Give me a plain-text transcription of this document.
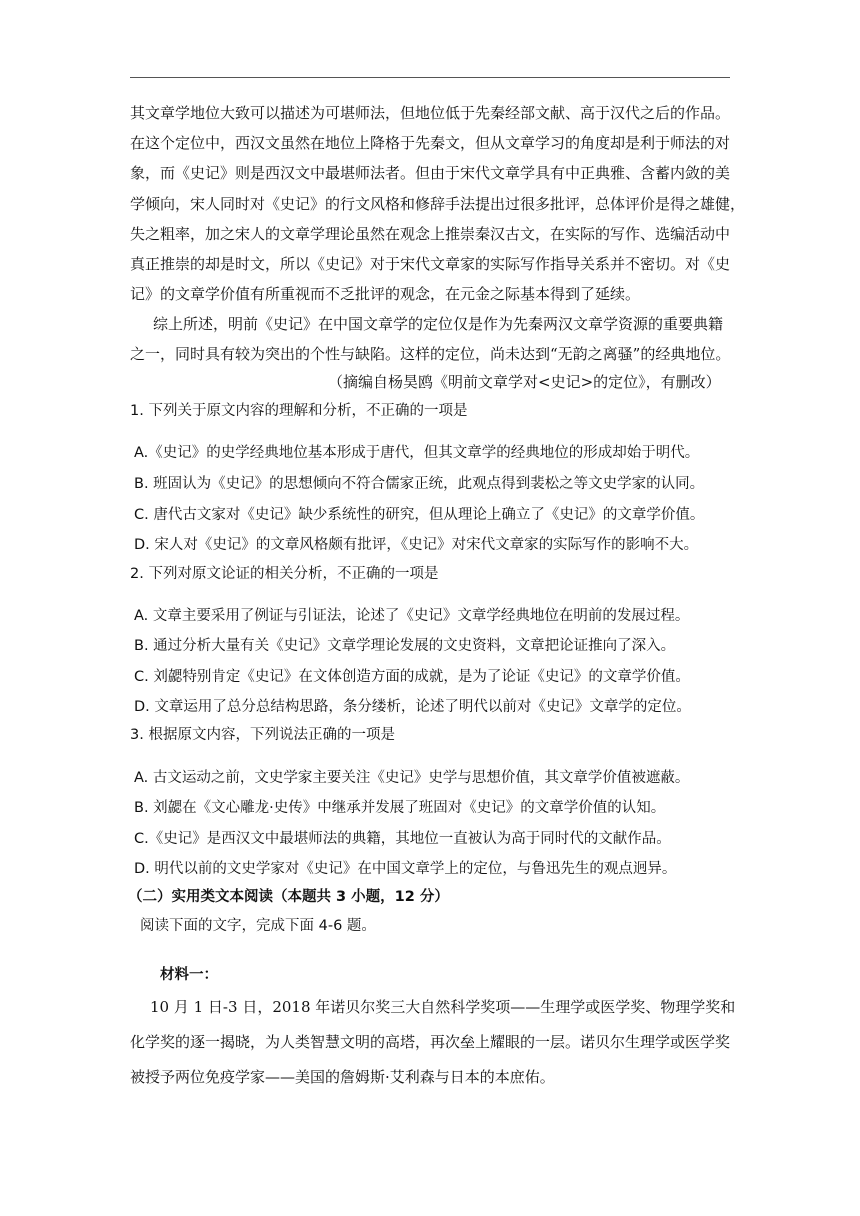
其文章学地位大致可以描述为可堪师法，但地位低于先秦经部文献、高于汉代之后的作品。
在这个定位中，西汉文虽然在地位上降格于先秦文，但从文章学习的角度却是利于师法的对
象，而《史记》则是西汉文中最堪师法者。但由于宋代文章学具有中正典雅、含蓄内敛的美
学倾向，宋人同时对《史记》的行文风格和修辞手法提出过很多批评，总体评价是得之雄健，
失之粗率，加之宋人的文章学理论虽然在观念上推崇秦汉古文，在实际的写作、选编活动中
真正推崇的却是时文，所以《史记》对于宋代文章家的实际写作指导关系并不密切。对《史
记》的文章学价值有所重视而不乏批评的观念，在元金之际基本得到了延续。
综上所述，明前《史记》在中国文章学的定位仅是作为先秦两汉文章学资源的重要典籍
之一，同时具有较为突出的个性与缺陷。这样的定位，尚未达到“无韵之离骚”的经典地位。
（摘编自杨昊鸥《明前文章学对<史记>的定位》，有删改）
1. 下列关于原文内容的理解和分析，不正确的一项是
A.《史记》的史学经典地位基本形成于唐代，但其文章学的经典地位的形成却始于明代。
B. 班固认为《史记》的思想倾向不符合儒家正统，此观点得到裴松之等文史学家的认同。
C. 唐代古文家对《史记》缺少系统性的研究，但从理论上确立了《史记》的文章学价值。
D. 宋人对《史记》的文章风格颇有批评，《史记》对宋代文章家的实际写作的影响不大。
2. 下列对原文论证的相关分析，不正确的一项是
A. 文章主要采用了例证与引证法，论述了《史记》文章学经典地位在明前的发展过程。
B. 通过分析大量有关《史记》文章学理论发展的文史资料，文章把论证推向了深入。
C. 刘勰特别肯定《史记》在文体创造方面的成就，是为了论证《史记》的文章学价值。
D. 文章运用了总分总结构思路，条分缕析，论述了明代以前对《史记》文章学的定位。
3. 根据原文内容，下列说法正确的一项是
A. 古文运动之前，文史学家主要关注《史记》史学与思想价值，其文章学价值被遮蔽。
B. 刘勰在《文心雕龙·史传》中继承并发展了班固对《史记》的文章学价值的认知。
C.《史记》是西汉文中最堪师法的典籍，其地位一直被认为高于同时代的文献作品。
D. 明代以前的文史学家对《史记》在中国文章学上的定位，与鲁迅先生的观点迥异。
（二）实用类文本阅读（本题共 3 小题，12 分）
阅读下面的文字，完成下面 4-6 题。
材料一：
10 月 1 日-3 日，2018 年诺贝尔奖三大自然科学奖项——生理学或医学奖、物理学奖和
化学奖的逐一揭晓，为人类智慧文明的高塔，再次垒上耀眼的一层。诺贝尔生理学或医学奖
被授予两位免疫学家——美国的詹姆斯·艾利森与日本的本庶佑。
